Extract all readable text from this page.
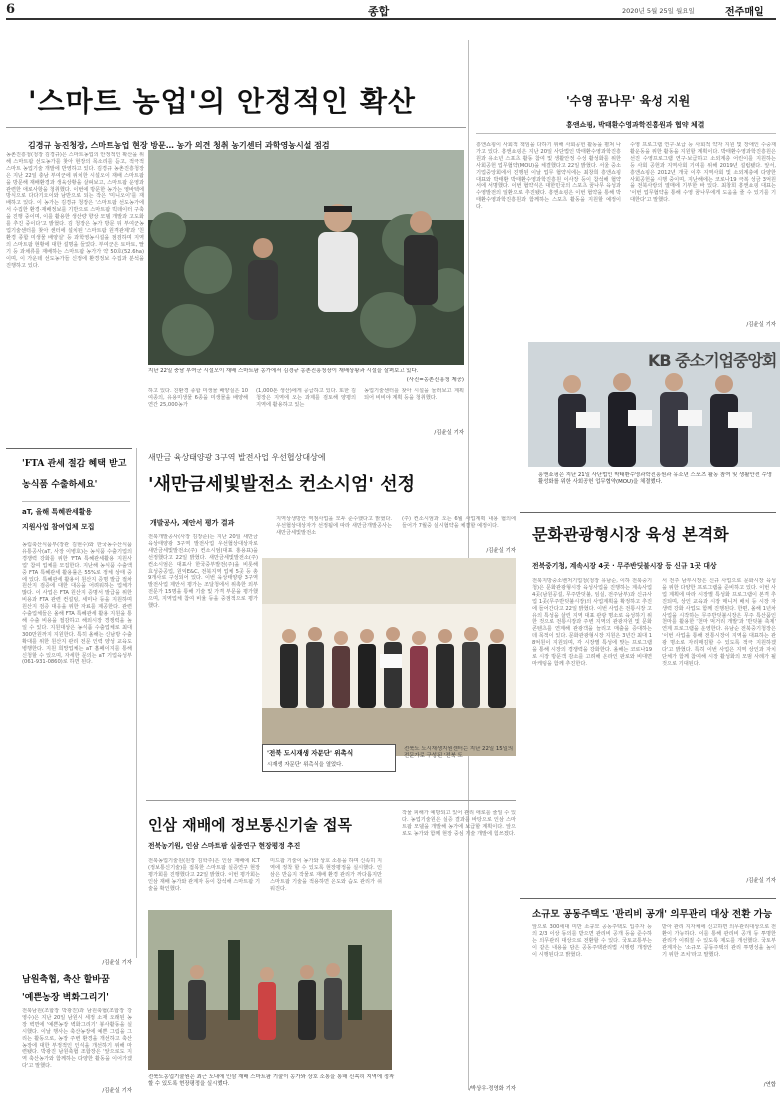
6	종합	2020년 5월 25일 월요일	전주매일
'스마트 농업'의 안정적인 확산
김경규 농진청장, 스마트농업 현장 방문… 농가 의견 청취 농기센터 과학영농시설 점검
농촌진흥청(청장 김경규)은 스마트농업의 안정적인 확산을 위해 스마트팜 선도농가를 찾아 현장의 목소리를 듣고, 적극적 스마트 농업기술 개발에 반영하고 있다. 김경규 농촌진흥청장은 지난 22일 충남 부여군에 위치한 시설오이 재배 스마트팜을 방문해 재배환경과 생육상황을 살펴보고, 스마트팜 운영과 관련한 애로사항을 청취했다. 이번에 방문한 농가는 영바텍에 방식으로 다다기오이와 남반으로 되는 작은 '미니오이'를 재배하고 있다. 이 농가는 김경규 청장은 '스마트팜 선도농가에서 수집한 환경·재배정보를 기반으로 스마트팜 빅데이터 구축을 진행 중이며, 이를 활용한 생산량 향상 모델 개발과 고도화를 추진 중이다'고 밝혔다. 김 청장은 농가 방문 뒤 부여군농업기술센터를 찾아 센터에 설치된 '스마트팜 원격관제'과 '친환경 종합 미생물 배양실' 등 과학영농시설을 점검하며 지역의 스마트팜 현황에 대한 설명을 들었다. 부여군은 토마토, 딸기 등 과채류를 재배하는 스마트팜 농가가 약 50호(52.6ha)이며, 이 가운데 선도농가들 신정에 환경정보 수집과 분석을 진행하고 있다.
지난 22일 충남 부여군 시설오이 재배 스마트팜 농가에서 김경규 농촌진흥청장이 재배상황과 시설을 살펴보고 있다.
(사진=농촌진흥청 제공)
하고 있다. 친환경 종합 미생물 배양실은 10여종의, 유용미생물 6종을 미생물을 배양해 연간 25,000농가
(1,000톤 생산)에게 공급하고 있다. 또한 김 청장은 지역에 오는 과제를 검토해 양평의 지역에 활용하고 있는
농업기술센터를 찾아 시설을 둘러보고 계획되어 비비야 계획 등을 청취했다.
/김윤실 기자
'수영 꿈나무' 육성 지원
흥앤쇼핑, 박태환수영과학진흥원과 협약 체결
흥앤쇼핑이 사회적 책임을 다하기 위해 사회공헌 활동을 펼쳐 나가고 있다. 흥앤쇼핑은 지난 20일 사단법인 박태환수영과학진흥원과 유소년 스포츠 활동 참여 및 생활안정 수성 활성화를 위한 사회공헌 업무협약(MOU)을 체결했다고 22일 밝혔다. 서울 중소기업중앙회에서 진행된 이날 업무 협약식에는 최창희 흥앤쇼핑 대표와 박태환 박태환수영과학진흥원 이사장 등이 참석해 협약서에 서명했다. 이번 협약식은 대한민국의 스포츠 꿈나무 육성과 수영발전의 일환으로 추진됐다. 흥앤쇼핑은 이번 협약을 통해 박태환수영과학진흥원과 함께하는 스포츠 활동을 지원할 예정이다.
수영 프로그램 연구·보급 등 사회적 약자 지원 및 장애인 수중재활운동을 위한 활동을 지원할 계획이다. 박태환수영과학진흥원은 선진 수영프로그램 연구·보급하고 소외계층 어린이를 지원하는 등 사회 공헌과 지역사회 기여를 위해 2019년 설립됐다. 앞서, 흥앤쇼핑은 2012년 개국 이후 지역사회 및 소외계층에 다양한 사회공헌을 시행 중이며, 지난해에는 코로나19 극복 성금 3억원을 전북사랑의 열매에 기부한 바 있다. 최창희 흥앤쇼핑 대표는 '이번 업무협약을 통해 수영 꿈나무에게 도움을 줄 수 있기를 기대한다'고 말했다.
/김윤실 기자
KB 중소기업중앙회
흥앤쇼핑은 지난 21일 사단법인 박태환수영과학진흥원과 유소년 스포츠 활동 참여 및 생활안전 수영 활성화를 위한 사회공헌 업무협약(MOU)을 체결했다.
'FTA 관세 절감 혜택 받고 농식품 수출하세요'
aT, 올해 특혜관세활용
지원사업 참여업체 모집
농림축산식품부(장관 김현수)와 한국농수산식품유통공사(aT, 사장 이병호)는 농식품 수출기업의 경쟁력 강화를 위한 'FTA 특혜관세활용 지원사업' 참여 업체를 모집한다. 지난해 농식품 수출액 중 FTA 특혜관세 활용률은 55%로 정체 상태 중에 있다. 특혜관세 활용이 원산지 증명 발급 절차 원산지 검증에 대한 대응을 어려워하는 업체가 많다. 이 사업은 FTA 원산지 증명서 발급을 위한 비용과 FTA 관련 컨설팅, 세미나 등을 지원하며 원산지 검증 대응을 위한 자료를 제공한다. 관련 수출업체들은 올해 FTA 특혜관세 활용 지원을 통해 수출 비용을 절감하고 해외시장 경쟁력을 높일 수 있다. 지원대상은 농식품 수출업체로 최대 300만원까지 지원한다. 특히 올해는 신남방 수출확대를 위한 원산지 관리 전문 인력 양성 교육도 병행한다. 지원 희망업체는 aT 홈페이지를 통해 신청할 수 있으며, 자세한 문의는 aT 기업육성부(061-931-0860)로 하면 된다.
/김윤실 기자
새만금 육상태양광 3구역 발전사업 우선협상대상에
'새만금세빛발전소 컨소시엄' 선정
개발공사, 제안서 평가 결과
전북개발공사(사장 김장준)는 지난 20일 새만금 육상태양광 3구역 발전사업 우선협상대상자로 새만금세빛발전소(주) 컨소시엄(대표 홍용표)을 선정했다고 22일 밝혔다. 새만금세빛발전소(주) 컨소시엄은 대표사 한국중부발전(주)을 비롯해 효성중공업, 원익E&C, 전북지역 업체 5곳 등 총 9개사로 구성되어 있다. 이번 육상태양광 3구역 발전사업 제안서 평가는 조달청에서 위촉한 외부 전문가 15명을 통해 기술 및 가격 부문을 평가했으며, 지역업체 참여 비율 등을 중점적으로 평가했다.
지역상생방안 역점사업을 모두 준수했다고 밝혔다. 우선협상대상자가 선정됨에 따라 새만금개발공사는 새만금세빛발전소
(주) 컨소시엄과 오는 6월 사업계획 내용 협의에 들어가 7월중 실시협약을 체결할 예정이다.
/김윤실 기자
'전북 도시재생 자문단' 위촉식
시재생 자문단' 위촉식을 열었다.
전북도 도시재생지원센터는 지난 22일 15일의 전문가로 구성된 '전북 도
문화관광형시장 육성 본격화
전북중기청, 계속시장 4곳 · 무주반딧불시장 등 신규 1곳 대상
전북지방중소벤처기업청(청장 유남순, 이하 전북중기청)은 문화관광형시장 육성사업을 진행하는 계속사업 4곳(남원공설, 무주반딧불, 임실, 전주남부)과 신규사업 1곳(무주반딧불시장)의 사업계획을 확정하고 추진에 들어간다고 22일 밝혔다. 이번 사업은 전통시장 고유의 특성을 살린 지역 대표 관광 명소로 육성하기 위한 것으로 전통시장과 주변 지역의 관광자원 및 문화 콘텐츠를 연계해 관광객을 늘리고 매출을 증대하는 데 목적이 있다. 문화관광형시장 지원은 3년간 최대 18억원이 지원되며, 각 시장별 특성에 맞는 프로그램을 통해 시장의 경쟁력을 강화한다. 올해는 코로나19로 시장 방문객 감소를 고려해 온라인 판로와 비대면 마케팅을 함께 추진한다.
서 전주 남부시장은 신규 사업으로 문화시장 육성을 위한 다양한 프로그램을 준비하고 있다. 이번 사업 계획에 따라 시장별 특성화 프로그램이 본격 추진되며, 상인 교육과 시장 매니저 배치 등 시장 자생력 강화 사업도 함께 진행된다. 한편, 올해 1년차 사업을 시작하는 무주반딧불시장은 무주 특산품인 천마를 활용한 '천마 먹거리 개발'과 '반딧불 축제' 연계 프로그램을 운영한다. 유남순 전북중기청장은 '이번 사업을 통해 전통시장이 지역을 대표하는 관광 명소로 자리매김할 수 있도록 적극 지원하겠다'고 밝혔다. 특히 이번 사업은 지역 상인과 자치단체가 함께 참여해 시장 활성화의 모범 사례가 될 것으로 기대된다.
/김윤실 기자
남원축협, 축산 할바꿈
'예쁜농장 벽화그리기'
전북남원(조합장 박광진)과 남원축협(조합장 강영수)은 지난 20일 남원시 세정 소재 오래된 농장 벽면에 '예쁜농장 벽화그리기' 봉사활동을 실시했다. 이날 행사는 축산농장에 예쁜 그림을 그리는 활동으로, 농장 주변 환경을 개선하고 축산 농장에 대한 부정적인 인식을 개선하기 위해 마련됐다. 박광진 남원축협 조합장은 '앞으로도 지역 축산농가와 함께하는 다양한 활동을 이어가겠다'고 말했다.
/김윤실 기자
인삼 재배에 정보통신기술 접목
전북농기원, 인삼 스마트팜 실증연구 현장평정 추진
전북농업기술원(원장 김학주)은 인삼 재배에 ICT(정보통신기술)를 접목한 스마트팜 실증연구 현장 평가회를 진행했다고 22일 밝혔다. 이번 평가회는 인삼 재배 농가와 관계자 등이 참석해 스마트팜 기술을 확인했다.
미드팜 기술이 농가와 상호 소통을 하며 신속히 지역에 정착 할 수 있도록 현장평정을 실시했다. 인삼은 반음지 작물로 재배 환경 관리가 까다롭지만 스마트팜 기술을 적용하면 온도와 습도 관리가 쉬워진다.
작물 피해가 예방되고 있어 관리 애로를 줄일 수 있다. 농업기술원은 실증 결과를 바탕으로 인삼 스마트팜 모델을 개발해 농가에 보급할 계획이다. 앞으로도 농가와 함께 현장 중심 기술 개발에 힘쓰겠다.
/박상우·정영화 기자
전북도농업기술원은 최근 도내에 인삼 재배 스마트팜 기술이 농가와 상호 소통을 통해 신속히 지역에 정착 할 수 있도록 현장평정을 실시했다.
소규모 공동주택도 '관리비 공개' 의무관리 대상 전환 가능
앞으로 300세대 미만 소규모 공동주택도 입주자 등의 2/3 이상 동의를 받으면 관리비 공개 등을 준수하는 의무관리 대상으로 전환할 수 있다. 국토교통부는 이 같은 내용을 담은 공동주택관리법 시행령 개정안이 시행된다고 밝혔다.
받아 관리 지자체에 신고하면 의무관리대상으로 전환이 가능하다. 이를 통해 관리비 공개 등 투명한 관리가 이뤄질 수 있도록 제도를 개선했다. 국토부 관계자는 '소규모 공동주택의 관리 투명성을 높이기 위한 조치'라고 말했다.
/연합
